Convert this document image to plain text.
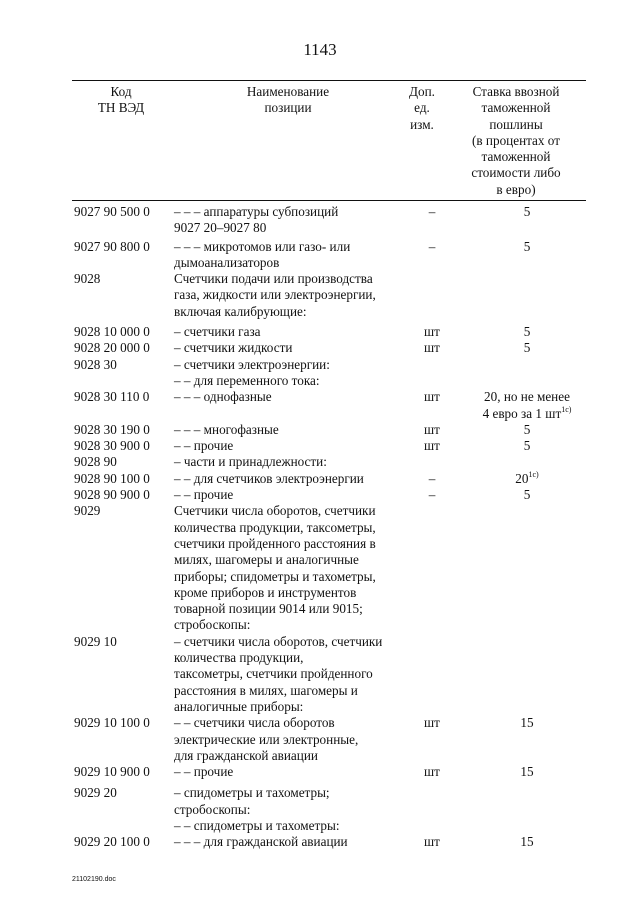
1143
Код
ТН ВЭД
Наименование
позиции
Доп.
ед.
изм.
Ставка ввозной
таможенной
пошлины
(в процентах от
таможенной
стоимости либо
в евро)
9027 90 500 0	– – – аппаратуры субпозиций
9027 20–9027 80
–	5
9027 90 800 0	– – – микротомов или газо- или
дымоанализаторов
–	5
9028	Счетчики подачи или производства
газа, жидкости или электроэнергии,
включая калибрующие:
9028 10 000 0	– счетчики газа	шт	5
9028 20 000 0	– счетчики жидкости	шт	5
9028 30	– счетчики электроэнергии:
– – для переменного тока:
9028 30 110 0	– – – однофазные	шт	20, но не менее
4 евро за 1 $шт^{1с)}$
9028 30 190 0	– – – многофазные	шт	5
9028 30 900 0	– – прочие	шт	5
9028 90	– части и принадлежности:
9028 90 100 0	– – для счетчиков электроэнергии	–	$20^{1с)}$
9028 90 900 0	– – прочие	–	5
9029	Счетчики числа оборотов, счетчики
количества продукции, таксометры,
счетчики пройденного расстояния в
милях, шагомеры и аналогичные
приборы; спидометры и тахометры,
кроме приборов и инструментов
товарной позиции 9014 или 9015;
стробоскопы:
9029 10	– счетчики числа оборотов, счетчики
количества продукции,
таксометры, счетчики пройденного
расстояния в милях, шагомеры и
аналогичные приборы:
9029 10 100 0	– – счетчики числа оборотов
электрические или электронные,
для гражданской авиации
шт	15
9029 10 900 0	– – прочие	шт	15
9029 20	– спидометры и тахометры;
стробоскопы:
– – спидометры и тахометры:
9029 20 100 0	– – – для гражданской авиации	шт	15
21102190.doc
